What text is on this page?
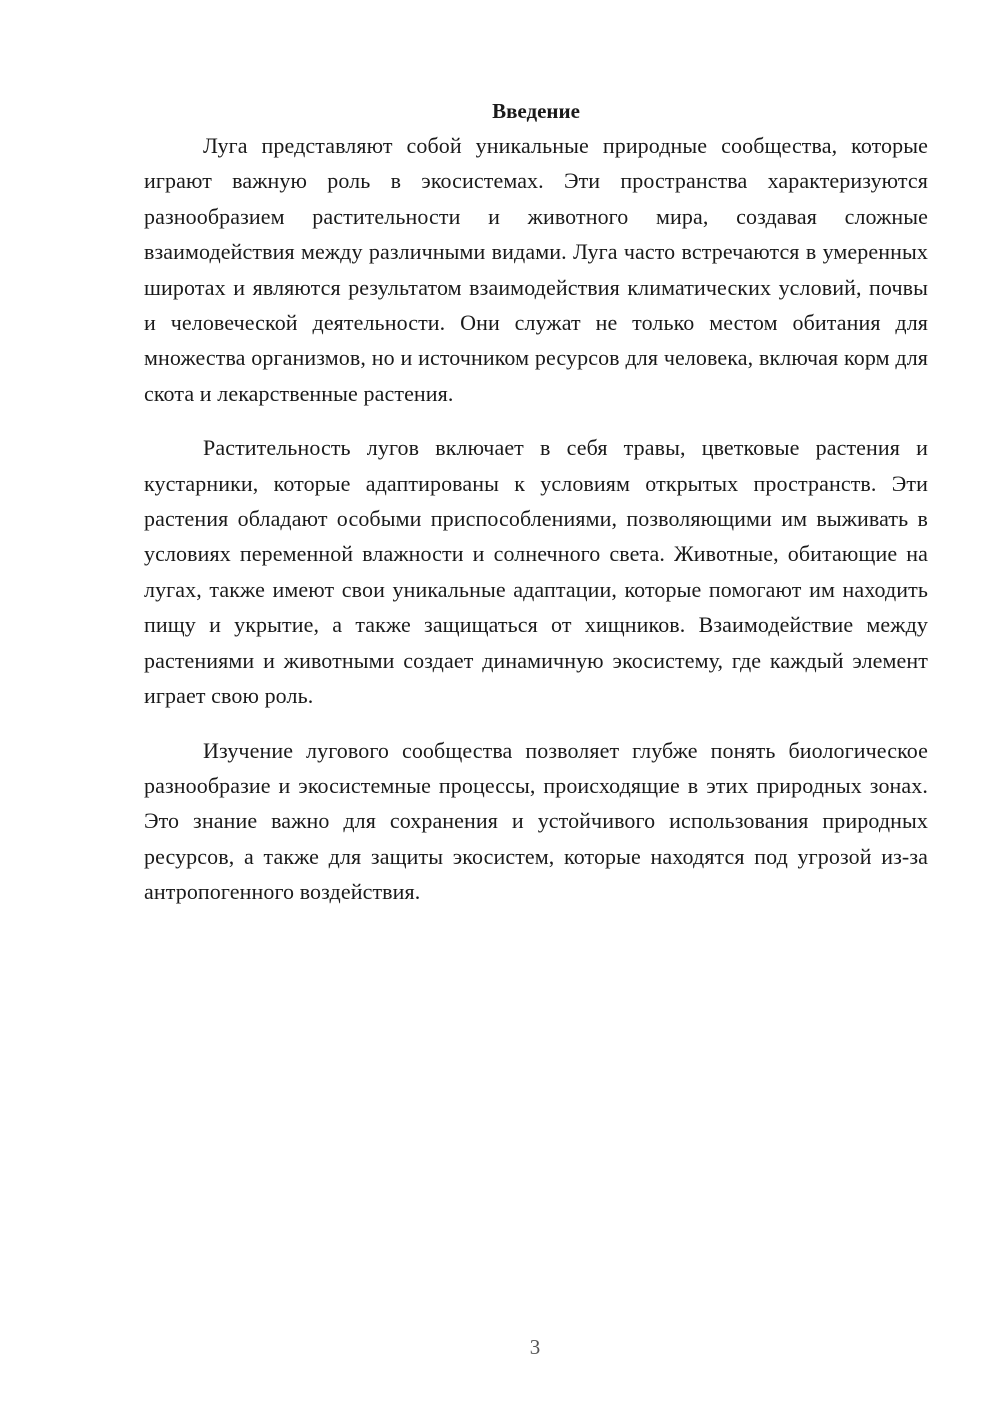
Введение

Луга представляют собой уникальные природные сообщества, которые играют важную роль в экосистемах. Эти пространства характеризуются разнообразием растительности и животного мира, создавая сложные взаимодействия между различными видами. Луга часто встречаются в умеренных широтах и являются результатом взаимодействия климатических условий, почвы и человеческой деятельности. Они служат не только местом обитания для множества организмов, но и источником ресурсов для человека, включая корм для скота и лекарственные растения.

Растительность лугов включает в себя травы, цветковые растения и кустарники, которые адаптированы к условиям открытых пространств. Эти растения обладают особыми приспособлениями, позволяющими им выживать в условиях переменной влажности и солнечного света. Животные, обитающие на лугах, также имеют свои уникальные адаптации, которые помогают им находить пищу и укрытие, а также защищаться от хищников. Взаимодействие между растениями и животными создает динамичную экосистему, где каждый элемент играет свою роль.

Изучение лугового сообщества позволяет глубже понять биологическое разнообразие и экосистемные процессы, происходящие в этих природных зонах. Это знание важно для сохранения и устойчивого использования природных ресурсов, а также для защиты экосистем, которые находятся под угрозой из-за антропогенного воздействия.

3
